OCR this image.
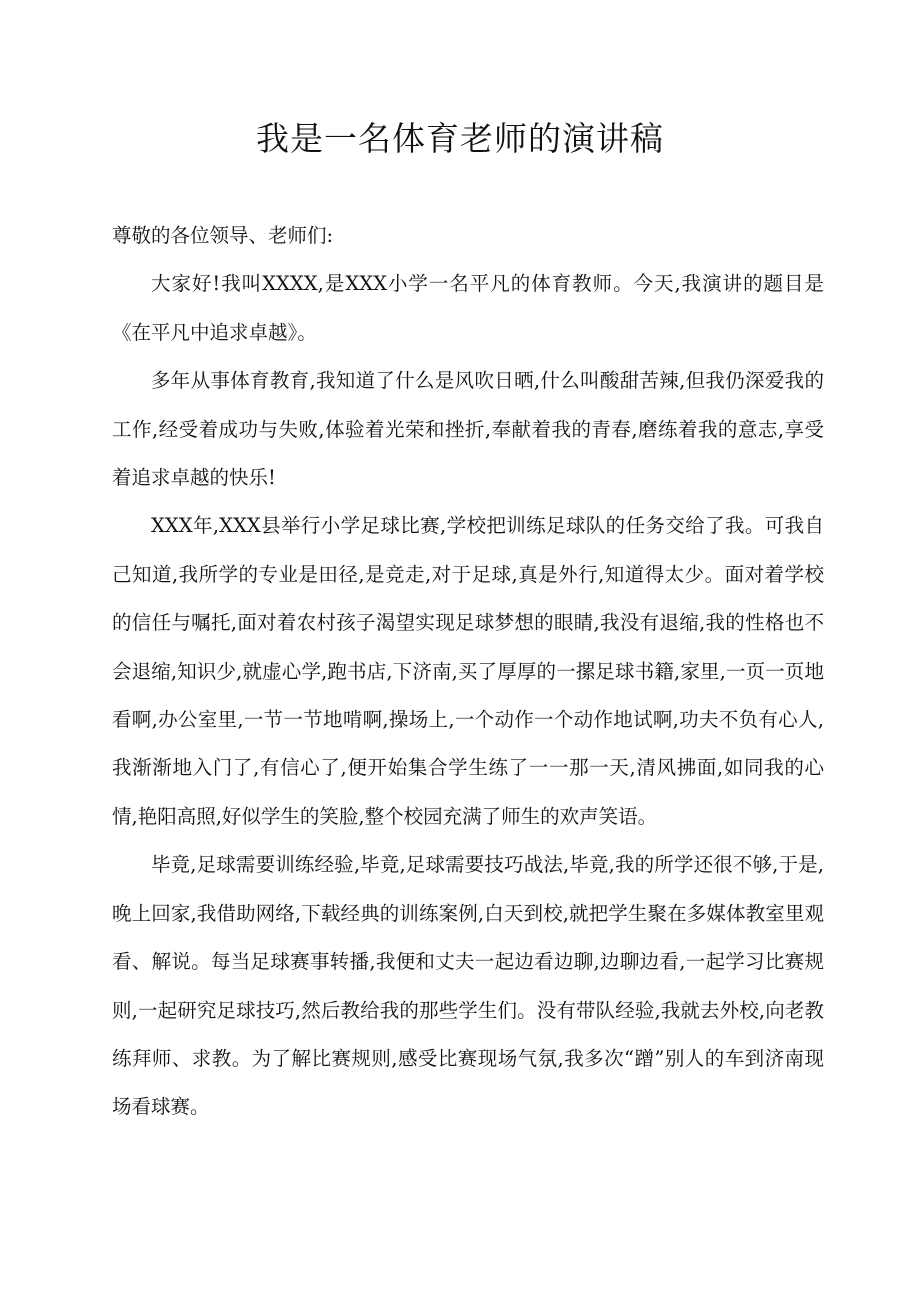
我是一名体育老师的演讲稿

尊敬的各位领导、老师们:

大家好!我叫XXXX,是XXX小学一名平凡的体育教师。今天,我演讲的题目是《在平凡中追求卓越》。

多年从事体育教育,我知道了什么是风吹日晒,什么叫酸甜苦辣,但我仍深爱我的工作,经受着成功与失败,体验着光荣和挫折,奉献着我的青春,磨练着我的意志,享受着追求卓越的快乐!

XXX年,XXX县举行小学足球比赛,学校把训练足球队的任务交给了我。可我自己知道,我所学的专业是田径,是竞走,对于足球,真是外行,知道得太少。面对着学校的信任与嘱托,面对着农村孩子渴望实现足球梦想的眼睛,我没有退缩,我的性格也不会退缩,知识少,就虚心学,跑书店,下济南,买了厚厚的一摞足球书籍,家里,一页一页地看啊,办公室里,一节一节地啃啊,操场上,一个动作一个动作地试啊,功夫不负有心人,我渐渐地入门了,有信心了,便开始集合学生练了一一那一天,清风拂面,如同我的心情,艳阳高照,好似学生的笑脸,整个校园充满了师生的欢声笑语。

毕竟,足球需要训练经验,毕竟,足球需要技巧战法,毕竟,我的所学还很不够,于是,晚上回家,我借助网络,下载经典的训练案例,白天到校,就把学生聚在多媒体教室里观看、解说。每当足球赛事转播,我便和丈夫一起边看边聊,边聊边看,一起学习比赛规则,一起研究足球技巧,然后教给我的那些学生们。没有带队经验,我就去外校,向老教练拜师、求教。为了解比赛规则,感受比赛现场气氛,我多次“蹭”别人的车到济南现场看球赛。
